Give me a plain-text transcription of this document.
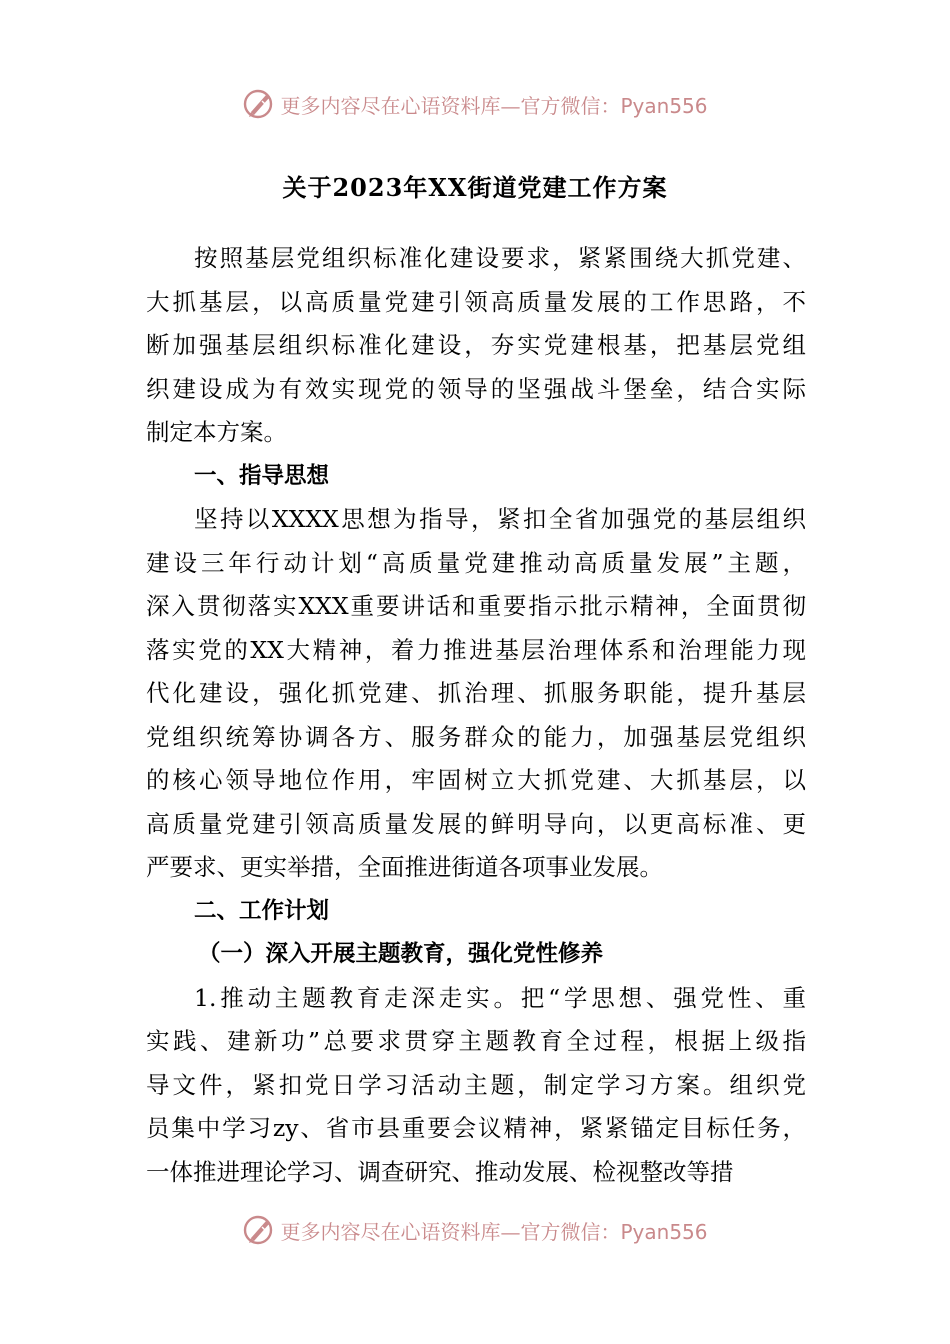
更多内容尽在心语资料库—官方微信：Pyan556
关于2023年XX街道党建工作方案
按照基层党组织标准化建设要求，紧紧围绕大抓党建、
大抓基层，以高质量党建引领高质量发展的工作思路，不
断加强基层组织标准化建设，夯实党建根基，把基层党组
织建设成为有效实现党的领导的坚强战斗堡垒，结合实际
制定本方案。
一、指导思想
坚持以XXXX思想为指导，紧扣全省加强党的基层组织
建设三年行动计划“高质量党建推动高质量发展”主题，
深入贯彻落实XXX重要讲话和重要指示批示精神，全面贯彻
落实党的XX大精神，着力推进基层治理体系和治理能力现
代化建设，强化抓党建、抓治理、抓服务职能，提升基层
党组织统筹协调各方、服务群众的能力，加强基层党组织
的核心领导地位作用，牢固树立大抓党建、大抓基层，以
高质量党建引领高质量发展的鲜明导向，以更高标准、更
严要求、更实举措，全面推进街道各项事业发展。
二、工作计划
（一）深入开展主题教育，强化党性修养
1.推动主题教育走深走实。把“学思想、强党性、重
实践、建新功”总要求贯穿主题教育全过程，根据上级指
导文件，紧扣党日学习活动主题，制定学习方案。组织党
员集中学习zy、省市县重要会议精神，紧紧锚定目标任务，
一体推进理论学习、调查研究、推动发展、检视整改等措
更多内容尽在心语资料库—官方微信：Pyan556
